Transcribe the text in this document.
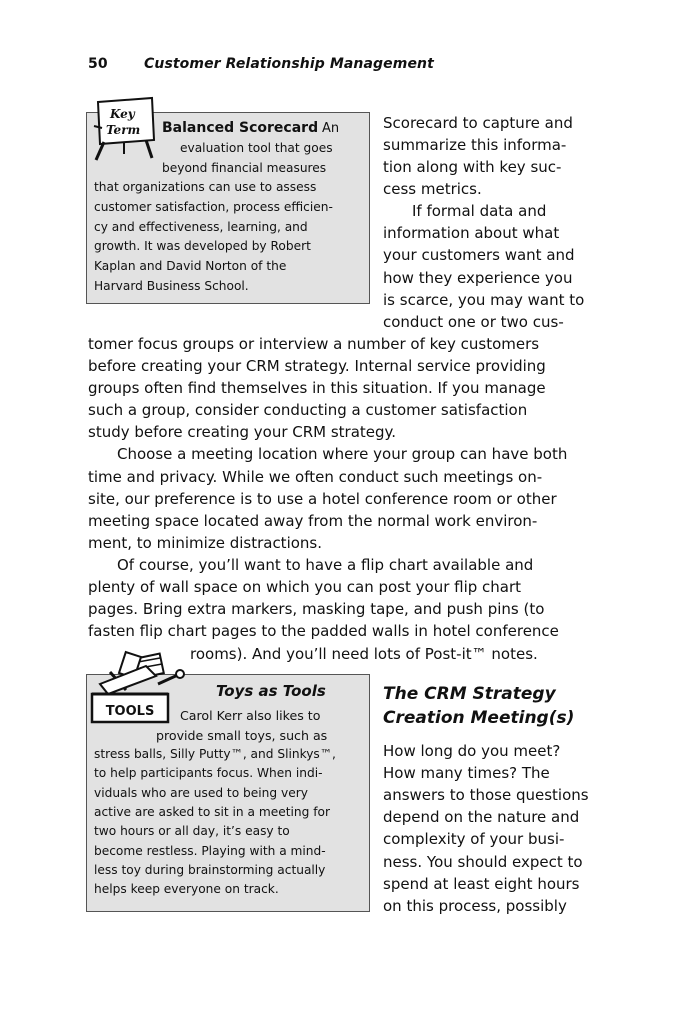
50	Customer Relationship Management
Key
Term Balanced Scorecard An
evaluation tool that goes
beyond financial measures
that organizations can use to assess
customer satisfaction, process efficien-
cy and effectiveness, learning, and
growth. It was developed by Robert
Kaplan and David Norton of the
Harvard Business School.
Scorecard to capture and
summarize this informa-
tion along with key suc-
cess metrics.
If formal data and
information about what
your customers want and
how they experience you
is scarce, you may want to
conduct one or two cus-
tomer focus groups or interview a number of key customers
before creating your CRM strategy. Internal service providing
groups often find themselves in this situation. If you manage
such a group, consider conducting a customer satisfaction
study before creating your CRM strategy.
Choose a meeting location where your group can have both
time and privacy. While we often conduct such meetings on-
site, our preference is to use a hotel conference room or other
meeting space located away from the normal work environ-
ment, to minimize distractions.
Of course, you’ll want to have a flip chart available and
plenty of wall space on which you can post your flip chart
pages. Bring extra markers, masking tape, and push pins (to
fasten flip chart pages to the padded walls in hotel conference
rooms). And you’ll need lots of Post-it™ notes.
TOOLS
Toys as Tools
Carol Kerr also likes to
provide small toys, such as
stress balls, Silly Putty™, and Slinkys™,
to help participants focus. When indi-
viduals who are used to being very
active are asked to sit in a meeting for
two hours or all day, it’s easy to
become restless. Playing with a mind-
less toy during brainstorming actually
helps keep everyone on track.
The CRM Strategy
Creation Meeting(s)
How long do you meet?
How many times? The
answers to those questions
depend on the nature and
complexity of your busi-
ness. You should expect to
spend at least eight hours
on this process, possibly
